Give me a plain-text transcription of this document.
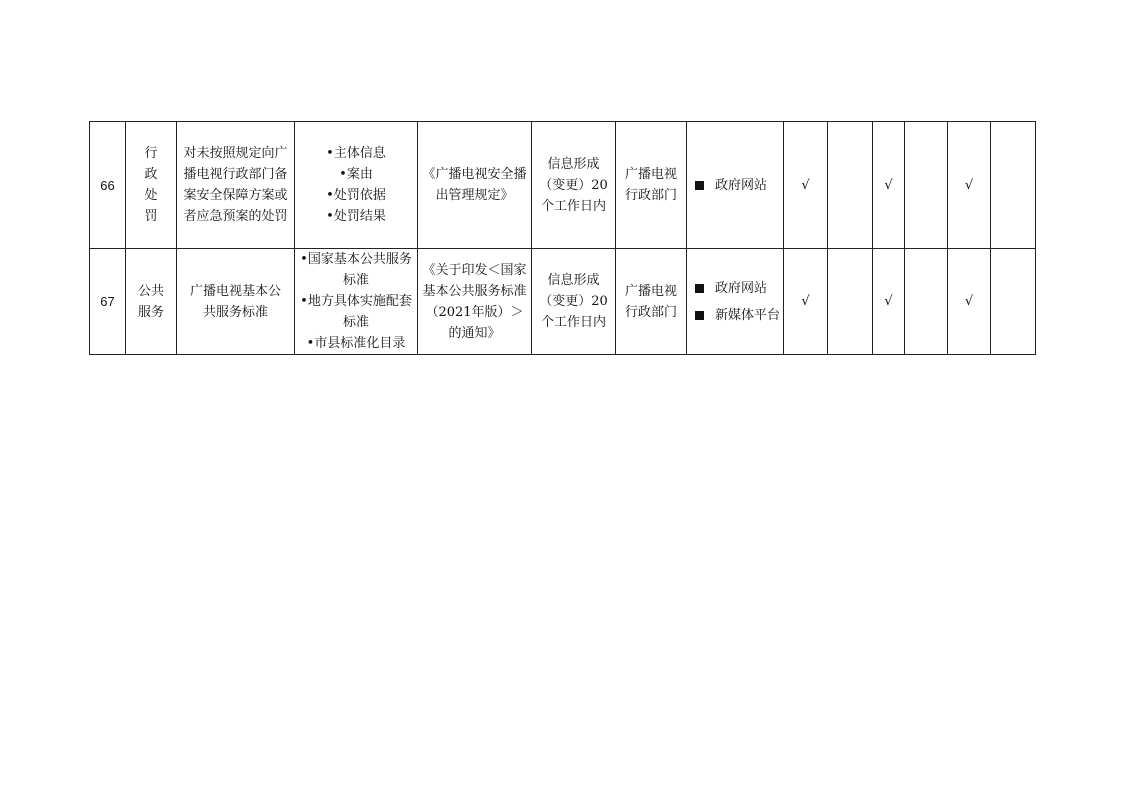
66	行政处罚	对未按照规定向广播电视行政部门备案安全保障方案或者应急预案的处罚	• 主体信息
• 案由
• 处罚依据
• 处罚结果	《广播电视安全播出管理规定》	信息形成（变更）20个工作日内	广播电视行政部门	政府网站	√		√		√	
67	公共服务	广播电视基本公共服务标准	• 国家基本公共服务标准
• 地方具体实施配套标准
• 市县标准化目录	《关于印发＜国家基本公共服务标准（2021年版）＞的通知》	信息形成（变更）20个工作日内	广播电视行政部门	政府网站
新媒体平台	√		√		√	
